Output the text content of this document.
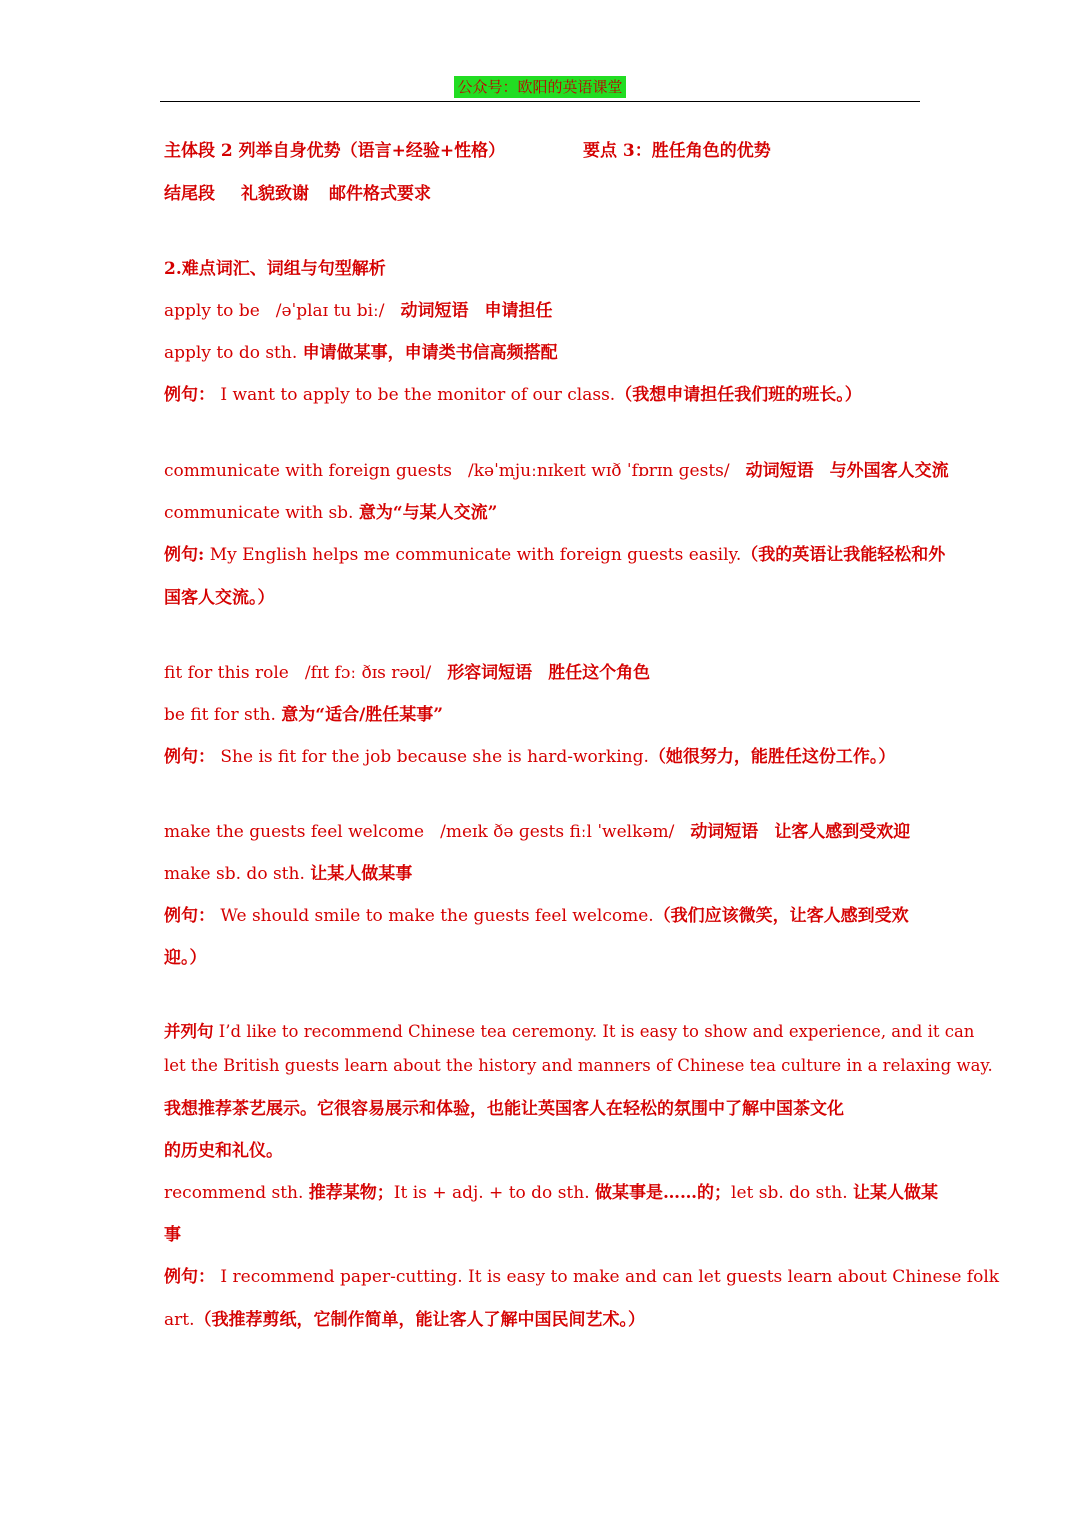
公众号：欧阳的英语课堂
主体段 2 列举自身优势（语言+经验+性格）	要点 3：胜任角色的优势
结尾段 礼貌致谢 邮件格式要求
2.难点词汇、词组与句型解析
apply to be /əˈplaɪ tu biː/ 动词短语 申请担任
apply to do sth. 申请做某事，申请类书信高频搭配
例句： I want to apply to be the monitor of our class.（我想申请担任我们班的班长。）
communicate with foreign guests /kəˈmjuːnɪkeɪt wɪð ˈfɒrɪn ɡests/ 动词短语 与外国客人交流
communicate with sb. 意为“与某人交流”
例句: My English helps me communicate with foreign guests easily.（我的英语让我能轻松和外
国客人交流。）
fit for this role /fɪt fɔː ðɪs rəʊl/ 形容词短语 胜任这个角色
be fit for sth. 意为“适合/胜任某事”
例句： She is fit for the job because she is hard-working.（她很努力，能胜任这份工作。）
make the guests feel welcome /meɪk ðə ɡests fiːl ˈwelkəm/ 动词短语 让客人感到受欢迎
make sb. do sth. 让某人做某事
例句： We should smile to make the guests feel welcome.（我们应该微笑，让客人感到受欢
迎。）
并列句 I’d like to recommend Chinese tea ceremony. It is easy to show and experience, and it can
let the British guests learn about the history and manners of Chinese tea culture in a relaxing way.
我想推荐茶艺展示。它很容易展示和体验，也能让英国客人在轻松的氛围中了解中国茶文化
的历史和礼仪。
recommend sth. 推荐某物；It is + adj. + to do sth. 做某事是……的；let sb. do sth. 让某人做某
事
例句： I recommend paper-cutting. It is easy to make and can let guests learn about Chinese folk
art.（我推荐剪纸，它制作简单，能让客人了解中国民间艺术。）
